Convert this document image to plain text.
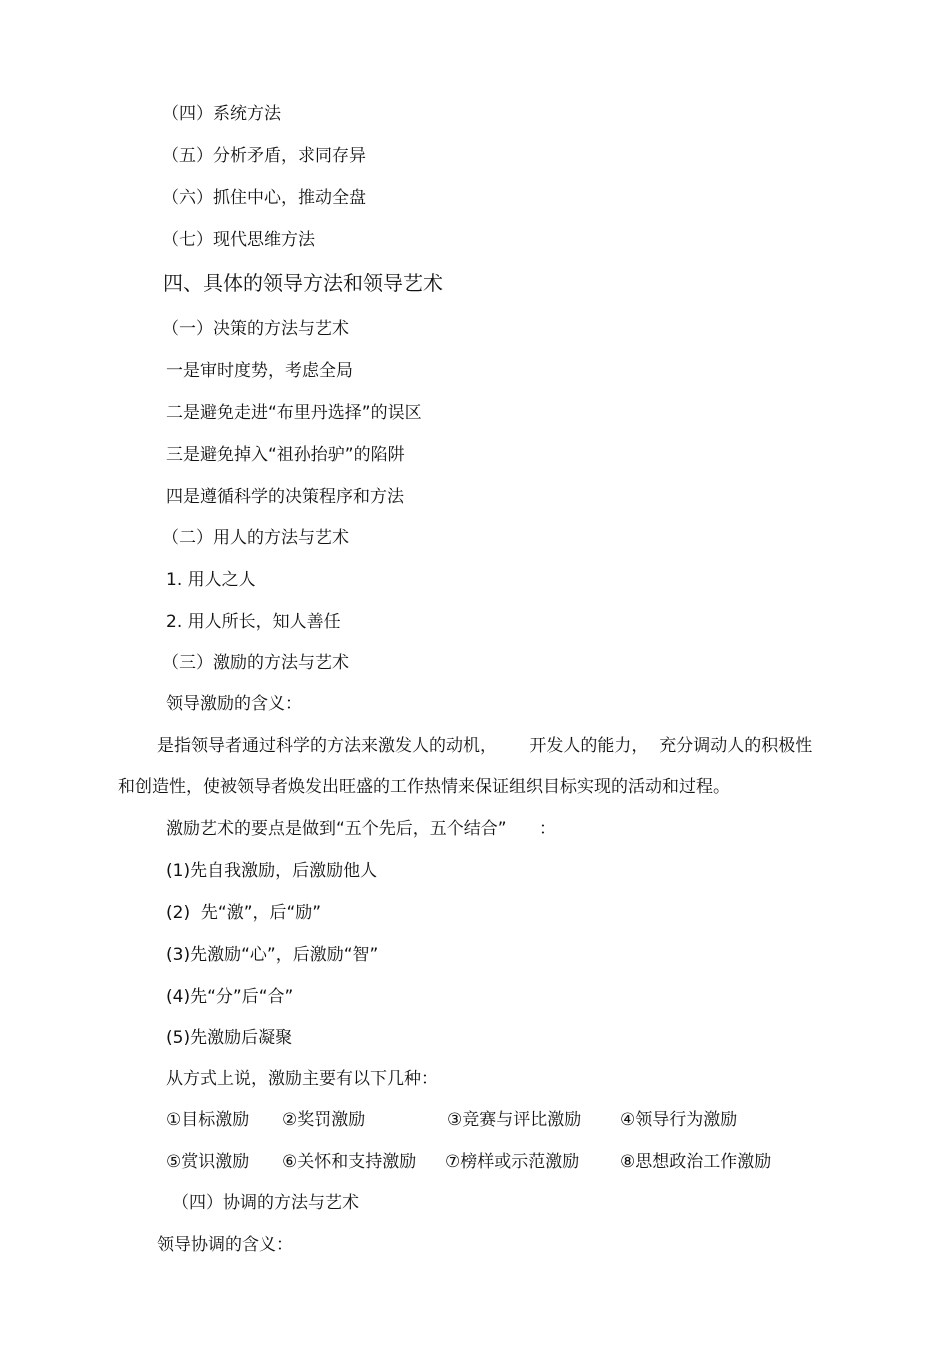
（四）系统方法
（五）分析矛盾，求同存异
（六）抓住中心，推动全盘
（七）现代思维方法
四、具体的领导方法和领导艺术
（一）决策的方法与艺术
一是审时度势，考虑全局
二是避免走进“布里丹选择”的误区
三是避免掉入“祖孙抬驴”的陷阱
四是遵循科学的决策程序和方法
（二）用人的方法与艺术
1. 用人之人
2. 用人所长，知人善任
（三）激励的方法与艺术
领导激励的含义：
是指领导者通过科学的方法来激发人的动机，      开发人的能力，  充分调动人的积极性
和创造性，使被领导者焕发出旺盛的工作热情来保证组织目标实现的活动和过程。
激励艺术的要点是做到“五个先后，五个结合”      ：
(1)先自我激励，后激励他人
(2)  先“激”，后“励”
(3)先激励“心”，后激励“智”
(4)先“分”后“合”
(5)先激励后凝聚
从方式上说，激励主要有以下几种：
①目标激励 ②奖罚激励	③竞赛与评比激励 ④领导行为激励
⑤赏识激励 ⑥关怀和支持激励 ⑦榜样或示范激励 ⑧思想政治工作激励
（四）协调的方法与艺术
领导协调的含义：
